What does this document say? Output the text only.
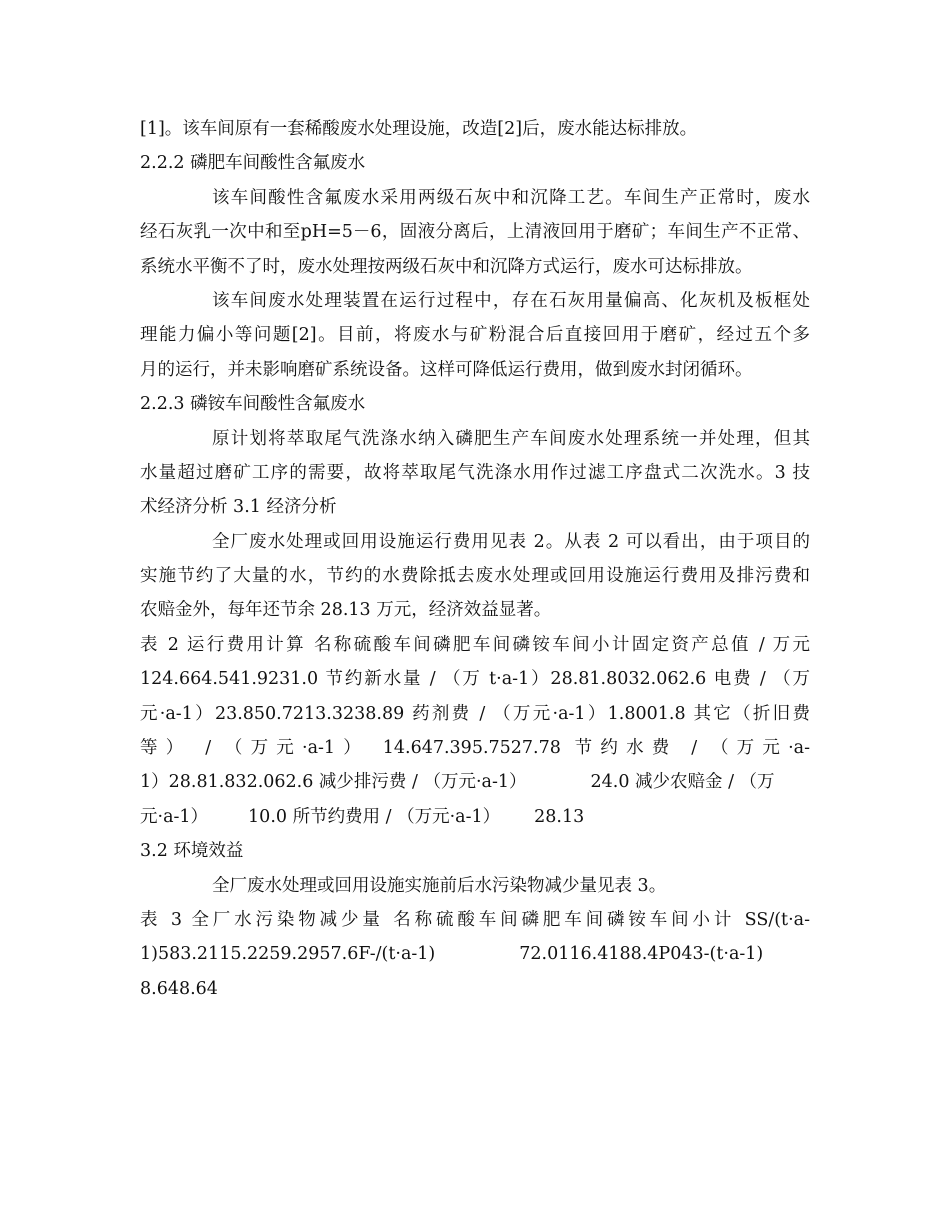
[1]。该车间原有一套稀酸废水处理设施，改造[2]后，废水能达标排放。
2.2.2 磷肥车间酸性含氟废水
该车间酸性含氟废水采用两级石灰中和沉降工艺。车间生产正常时，废水
经石灰乳一次中和至pH=5－6，固液分离后，上清液回用于磨矿；车间生产不正常、
系统水平衡不了时，废水处理按两级石灰中和沉降方式运行，废水可达标排放。
该车间废水处理装置在运行过程中，存在石灰用量偏高、化灰机及板框处
理能力偏小等问题[2]。目前，将废水与矿粉混合后直接回用于磨矿，经过五个多
月的运行，并未影响磨矿系统设备。这样可降低运行费用，做到废水封闭循环。
2.2.3 磷铵车间酸性含氟废水
原计划将萃取尾气洗涤水纳入磷肥生产车间废水处理系统一并处理，但其
水量超过磨矿工序的需要，故将萃取尾气洗涤水用作过滤工序盘式二次洗水。3 技
术经济分析 3.1 经济分析
全厂废水处理或回用设施运行费用见表 2。从表 2 可以看出，由于项目的
实施节约了大量的水，节约的水费除抵去废水处理或回用设施运行费用及排污费和
农赔金外，每年还节余 28.13 万元，经济效益显著。
表 2 运行费用计算 名称硫酸车间磷肥车间磷铵车间小计固定资产总值 / 万元
124.664.541.9231.0 节约新水量 / （万 t·a-1）28.81.8032.062.6 电费 / （万
元·a-1）23.850.7213.3238.89 药剂费 / （万元·a-1）1.8001.8 其它（折旧费
等） / （万元·a-1） 14.647.395.7527.78 节约水费 / （万元·a-
1）28.81.832.062.6 减少排污费 / （万元·a-1）	24.0 减少农赔金 / （万
元·a-1） 10.0 所节约费用 / （万元·a-1） 28.13
3.2 环境效益
全厂废水处理或回用设施实施前后水污染物减少量见表 3。
表 3 全厂水污染物减少量 名称硫酸车间磷肥车间磷铵车间小计 SS/(t·a-
1)583.2115.2259.2957.6F-/(t·a-1)	72.0116.4188.4P043-(t·a-1)
8.648.64
